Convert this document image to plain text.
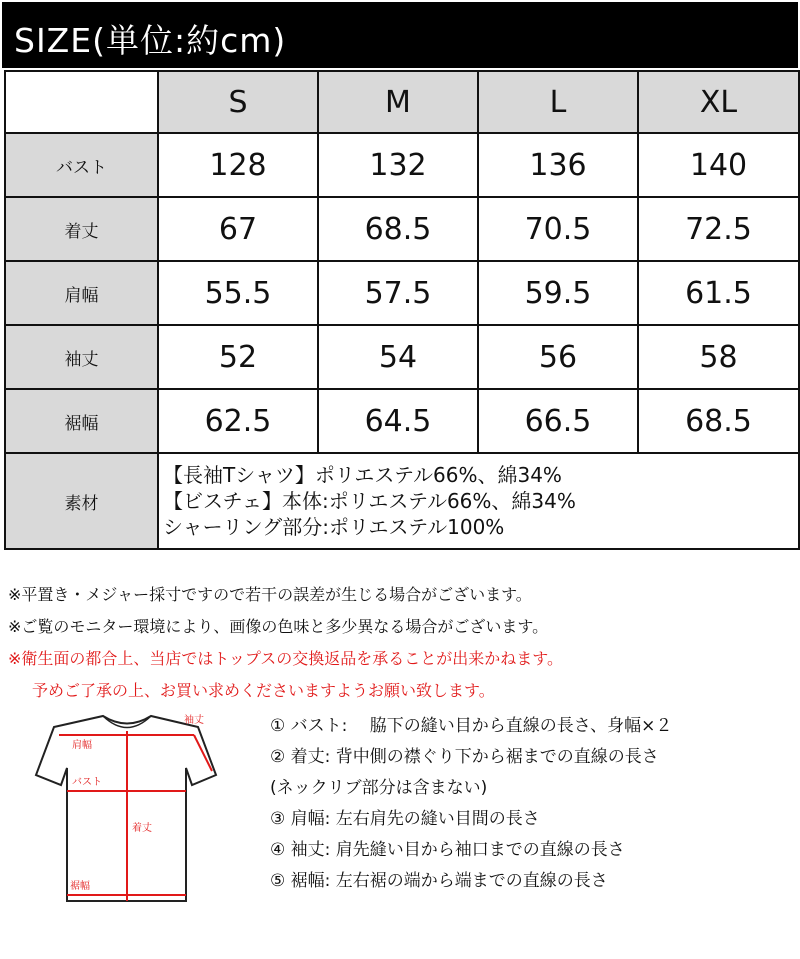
SIZE(単位:約cm)
	S	M	L	XL
バスト	128	132	136	140
着丈	67	68.5	70.5	72.5
肩幅	55.5	57.5	59.5	61.5
袖丈	52	54	56	58
裾幅	62.5	64.5	66.5	68.5
素材	【長袖Tシャツ】ポリエステル66%、綿34%
【ビスチェ】本体:ポリエステル66%、綿34%
シャーリング部分:ポリエステル100%			
※平置き・メジャー採寸ですので若干の誤差が生じる場合がございます。
※ご覧のモニター環境により、画像の色味と多少異なる場合がございます。
※衛生面の都合上、当店ではトップスの交換返品を承ることが出来かねます。
予めご了承の上、お買い求めくださいますようお願い致します。
袖丈
肩幅
バスト
着丈
裾幅
① バスト:　 脇下の縫い目から直線の長さ、身幅×２
② 着丈: 背中側の襟ぐり下から裾までの直線の長さ
(ネックリブ部分は含まない)
③ 肩幅: 左右肩先の縫い目間の長さ
④ 袖丈: 肩先縫い目から袖口までの直線の長さ
⑤ 裾幅: 左右裾の端から端までの直線の長さ
